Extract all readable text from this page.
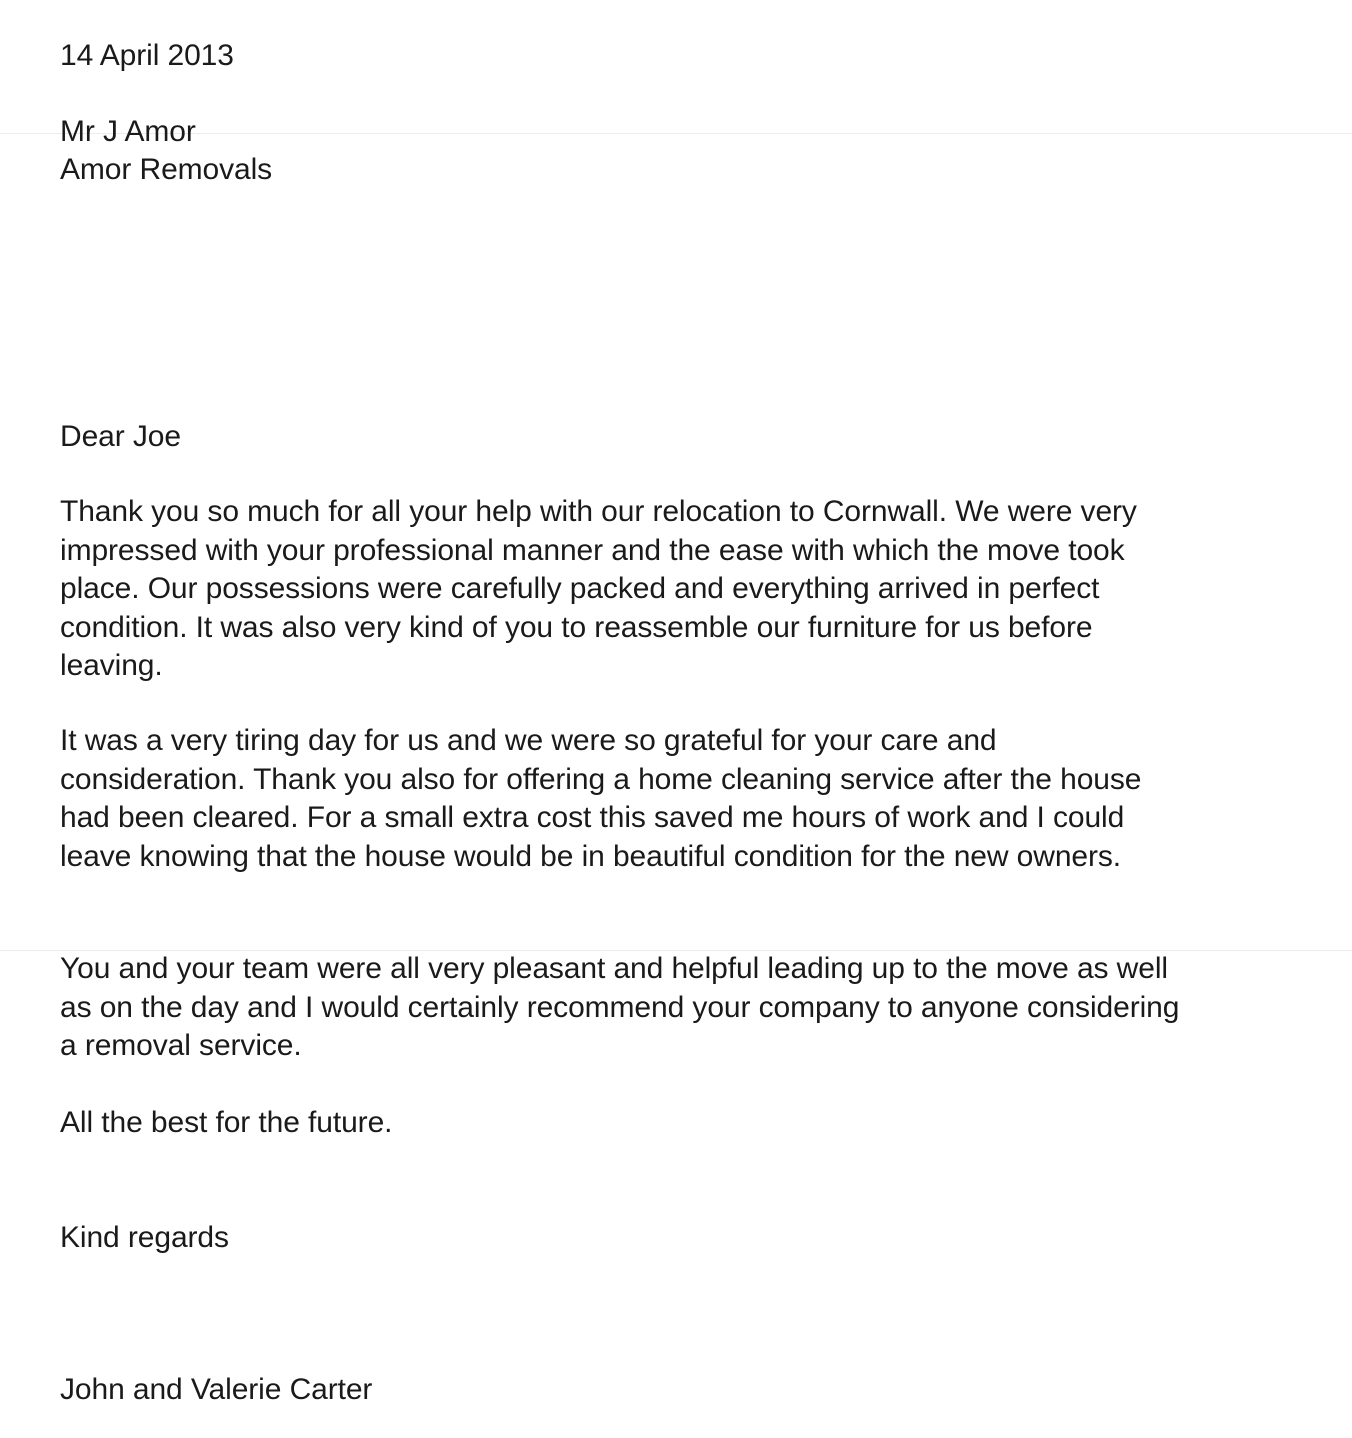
14 April 2013

Mr J Amor

Amor Removals

Dear Joe

Thank you so much for all your help with our relocation to Cornwall. We were very
impressed with your professional manner and the ease with which the move took
place. Our possessions were carefully packed and everything arrived in perfect
condition. It was also very kind of you to reassemble our furniture for us before
leaving.
It was a very tiring day for us and we were so grateful for your care and
consideration. Thank you also for offering a home cleaning service after the house
had been cleared. For a small extra cost this saved me hours of work and I could
leave knowing that the house would be in beautiful condition for the new owners.
You and your team were all very pleasant and helpful leading up to the move as well
as on the day and I would certainly recommend your company to anyone considering
a removal service.

All the best for the future.

Kind regards

John and Valerie Carter
